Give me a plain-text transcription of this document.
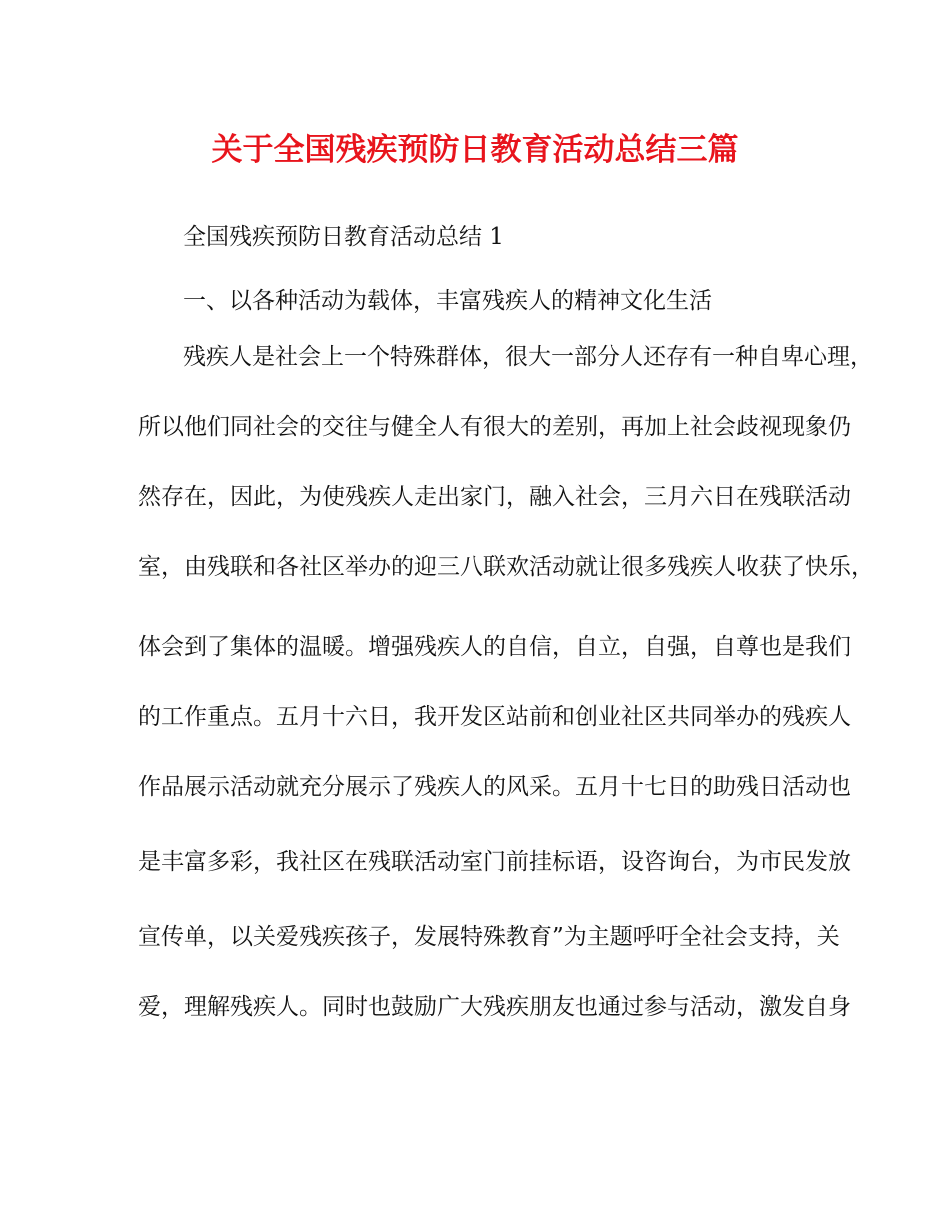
关于全国残疾预防日教育活动总结三篇
全国残疾预防日教育活动总结 1
一、以各种活动为载体，丰富残疾人的精神文化生活
残疾人是社会上一个特殊群体，很大一部分人还存有一种自卑心理，
所以他们同社会的交往与健全人有很大的差别，再加上社会歧视现象仍
然存在，因此，为使残疾人走出家门，融入社会，三月六日在残联活动
室，由残联和各社区举办的迎三八联欢活动就让很多残疾人收获了快乐，
体会到了集体的温暖。增强残疾人的自信，自立，自强，自尊也是我们
的工作重点。五月十六日，我开发区站前和创业社区共同举办的残疾人
作品展示活动就充分展示了残疾人的风采。五月十七日的助残日活动也
是丰富多彩，我社区在残联活动室门前挂标语，设咨询台，为市民发放
宣传单，以关爱残疾孩子，发展特殊教育”为主题呼吁全社会支持，关
爱，理解残疾人。同时也鼓励广大残疾朋友也通过参与活动，激发自身
